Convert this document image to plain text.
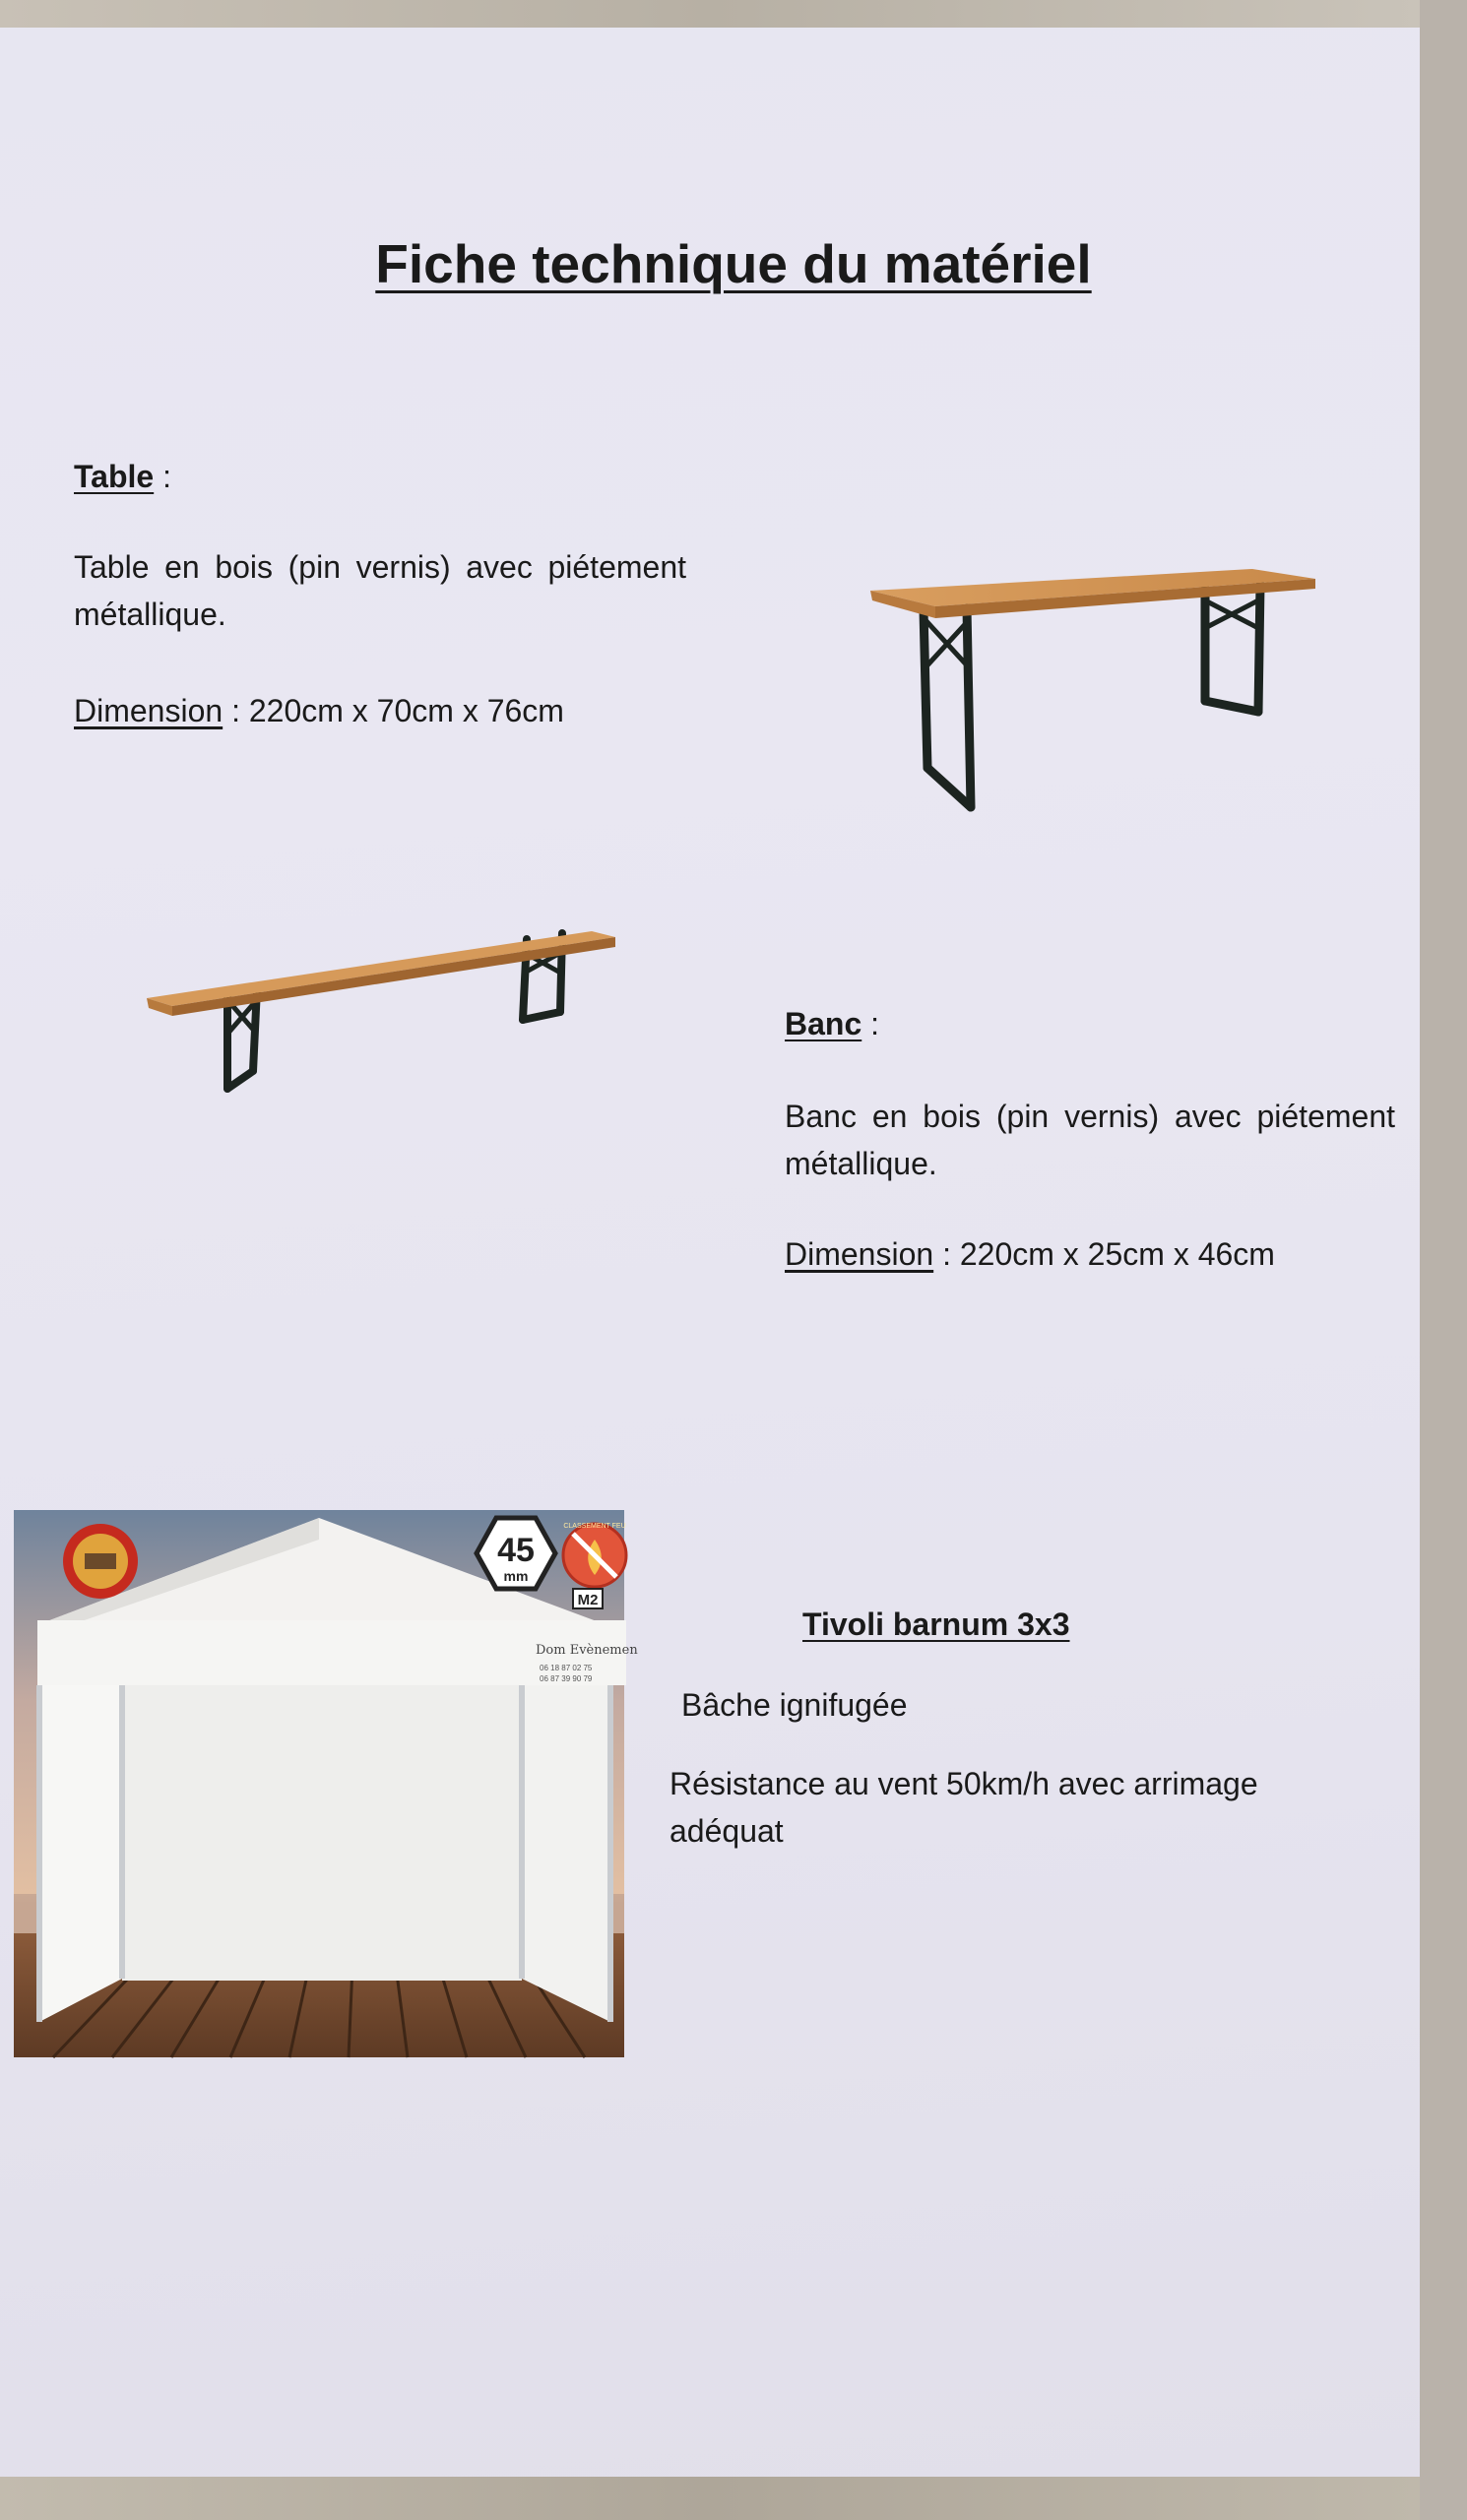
Fiche technique du matériel
Table :

Table en bois (pin vernis) avec piétement métallique.

Dimension : 220cm x 70cm x 76cm

Banc :

Banc en bois (pin vernis) avec piétement métallique.

Dimension : 220cm x 25cm x 46cm

Dom Evènemen
06 18 87 02 75
06 87 39 90 79
45
mm
CLASSEMENT FEU
M2
Tivoli barnum 3x3

Bâche ignifugée

Résistance au vent 50km/h avec arrimage adéquat
